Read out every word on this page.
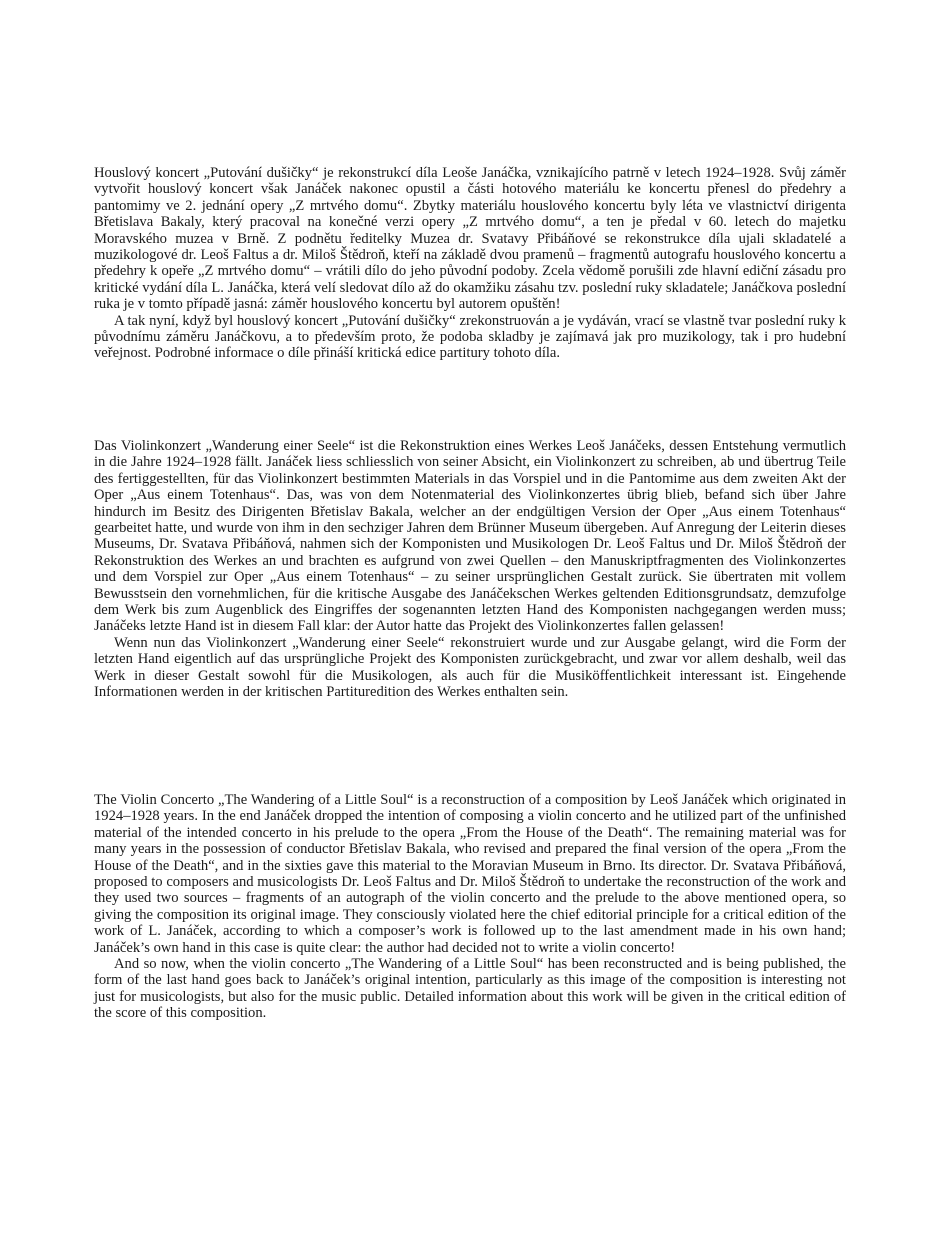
Houslový koncert „Putování dušičky“ je rekonstrukcí díla Leoše Janáčka, vznikajícího patrně v letech 1924–1928. Svůj záměr vytvořit houslový koncert však Janáček nakonec opustil a části hotového materiálu ke koncertu přenesl do předehry a pantomimy ve 2. jednání opery „Z mrtvého domu“. Zbytky materiálu houslového koncertu byly léta ve vlastnictví dirigenta Břetislava Bakaly, který pracoval na konečné verzi opery „Z mrtvého domu“, a ten je předal v 60. letech do majetku Moravského muzea v Brně. Z podnětu ředitelky Muzea dr. Svatavy Přibáňové se rekonstrukce díla ujali skladatelé a muzikologové dr. Leoš Faltus a dr. Miloš Štědroň, kteří na základě dvou pramenů – fragmentů autografu houslového koncertu a předehry k opeře „Z mrtvého domu“ – vrátili dílo do jeho původní podoby. Zcela vědomě porušili zde hlavní ediční zásadu pro kritické vydání díla L. Janáčka, která velí sledovat dílo až do okamžiku zásahu tzv. poslední ruky skladatele; Janáčkova poslední ruka je v tomto případě jasná: záměr houslového koncertu byl autorem opuštěn!

A tak nyní, když byl houslový koncert „Putování dušičky“ zrekonstruován a je vydáván, vrací se vlastně tvar poslední ruky k původnímu záměru Janáčkovu, a to především proto, že podoba skladby je zajímavá jak pro muzikology, tak i pro hudební veřejnost. Podrobné informace o díle přináší kritická edice partitury tohoto díla.

Das Violinkonzert „Wanderung einer Seele“ ist die Rekonstruktion eines Werkes Leoš Janáčeks, dessen Entstehung vermutlich in die Jahre 1924–1928 fällt. Janáček liess schliesslich von seiner Absicht, ein Violinkonzert zu schreiben, ab und übertrug Teile des fertiggestellten, für das Violinkonzert bestimmten Materials in das Vorspiel und in die Pantomime aus dem zweiten Akt der Oper „Aus einem Totenhaus“. Das, was von dem Notenmaterial des Violinkonzertes übrig blieb, befand sich über Jahre hindurch im Besitz des Dirigenten Břetislav Bakala, welcher an der endgültigen Version der Oper „Aus einem Totenhaus“ gearbeitet hatte, und wurde von ihm in den sechziger Jahren dem Brünner Museum übergeben. Auf Anregung der Leiterin dieses Museums, Dr. Svatava Přibáňová, nahmen sich der Komponisten und Musikologen Dr. Leoš Faltus und Dr. Miloš Štědroň der Rekonstruktion des Werkes an und brachten es aufgrund von zwei Quellen – den Manuskriptfragmenten des Violinkonzertes und dem Vorspiel zur Oper „Aus einem Totenhaus“ – zu seiner ursprünglichen Gestalt zurück. Sie übertraten mit vollem Bewusstsein den vornehmlichen, für die kritische Ausgabe des Janáčekschen Werkes geltenden Editionsgrundsatz, demzufolge dem Werk bis zum Augenblick des Eingriffes der sogenannten letzten Hand des Komponisten nachgegangen werden muss; Janáčeks letzte Hand ist in diesem Fall klar: der Autor hatte das Projekt des Violinkonzertes fallen gelassen!

Wenn nun das Violinkonzert „Wanderung einer Seele“ rekonstruiert wurde und zur Ausgabe gelangt, wird die Form der letzten Hand eigentlich auf das ursprüngliche Projekt des Komponisten zurückgebracht, und zwar vor allem deshalb, weil das Werk in dieser Gestalt sowohl für die Musikologen, als auch für die Musiköffentlichkeit interessant ist. Eingehende Informationen werden in der kritischen Partituredition des Werkes enthalten sein.

The Violin Concerto „The Wandering of a Little Soul“ is a reconstruction of a composition by Leoš Janáček which originated in 1924–1928 years. In the end Janáček dropped the intention of composing a violin concerto and he utilized part of the unfinished material of the intended concerto in his prelude to the opera „From the House of the Death“. The remaining material was for many years in the possession of conductor Břetislav Bakala, who revised and prepared the final version of the opera „From the House of the Death“, and in the sixties gave this material to the Moravian Museum in Brno. Its director. Dr. Svatava Přibáňová, proposed to composers and musicologists Dr. Leoš Faltus and Dr. Miloš Štědroň to undertake the reconstruction of the work and they used two sources – fragments of an autograph of the violin concerto and the prelude to the above mentioned opera, so giving the composition its original image. They consciously violated here the chief editorial principle for a critical edition of the work of L. Janáček, according to which a composer’s work is followed up to the last amendment made in his own hand; Janáček’s own hand in this case is quite clear: the author had decided not to write a violin concerto!

And so now, when the violin concerto „The Wandering of a Little Soul“ has been reconstructed and is being published, the form of the last hand goes back to Janáček’s original intention, particularly as this image of the composition is interesting not just for musicologists, but also for the music public. Detailed information about this work will be given in the critical edition of the score of this composition.
